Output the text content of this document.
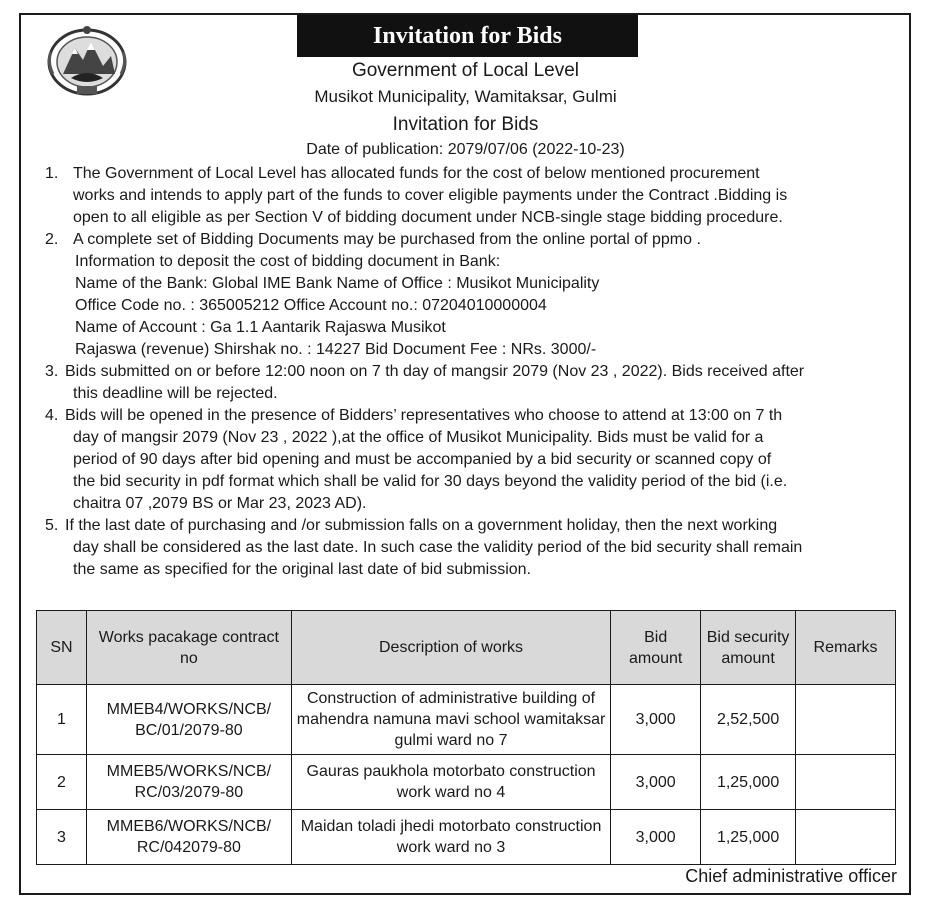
Invitation for Bids
Government of Local Level
Musikot Municipality, Wamitaksar, Gulmi
Invitation for Bids
Date of publication: 2079/07/06 (2022-10-23)
1. The Government of Local Level has allocated funds for the cost of below mentioned procurement
works and intends to apply part of the funds to cover eligible payments under the Contract .Bidding is
open to all eligible as per Section V of bidding document under NCB-single stage bidding procedure.
2. A complete set of Bidding Documents may be purchased from the online portal of ppmo .
Information to deposit the cost of bidding document in Bank:
Name of the Bank: Global IME Bank Name of Office : Musikot Municipality
Office Code no. : 365005212 Office Account no.: 07204010000004
Name of Account : Ga 1.1 Aantarik Rajaswa Musikot
Rajaswa (revenue) Shirshak no. : 14227 Bid Document Fee : NRs. 3000/-
3. Bids submitted on or before 12:00 noon on 7 th day of mangsir 2079 (Nov 23 , 2022). Bids received after
this deadline will be rejected.
4. Bids will be opened in the presence of Bidders’ representatives who choose to attend at 13:00 on 7 th
day of mangsir 2079 (Nov 23 , 2022 ),at the office of Musikot Municipality. Bids must be valid for a
period of 90 days after bid opening and must be accompanied by a bid security or scanned copy of
the bid security in pdf format which shall be valid for 30 days beyond the validity period of the bid (i.e.
chaitra 07 ,2079 BS or Mar 23, 2023 AD).
5. If the last date of purchasing and /or submission falls on a government holiday, then the next working
day shall be considered as the last date. In such case the validity period of the bid security shall remain
the same as specified for the original last date of bid submission.
SN	Works pacakage contract no	Description of works	Bid amount	Bid security amount	Remarks
1	MMEB4/WORKS/NCB/ BC/01/2079-80	Construction of administrative building of mahendra namuna mavi school wamitaksar gulmi ward no 7	3,000	2,52,500	
2	MMEB5/WORKS/NCB/ RC/03/2079-80	Gauras paukhola motorbato construction work ward no 4	3,000	1,25,000	
3	MMEB6/WORKS/NCB/ RC/042079-80	Maidan toladi jhedi motorbato construction work ward no 3	3,000	1,25,000	
Chief administrative officer
